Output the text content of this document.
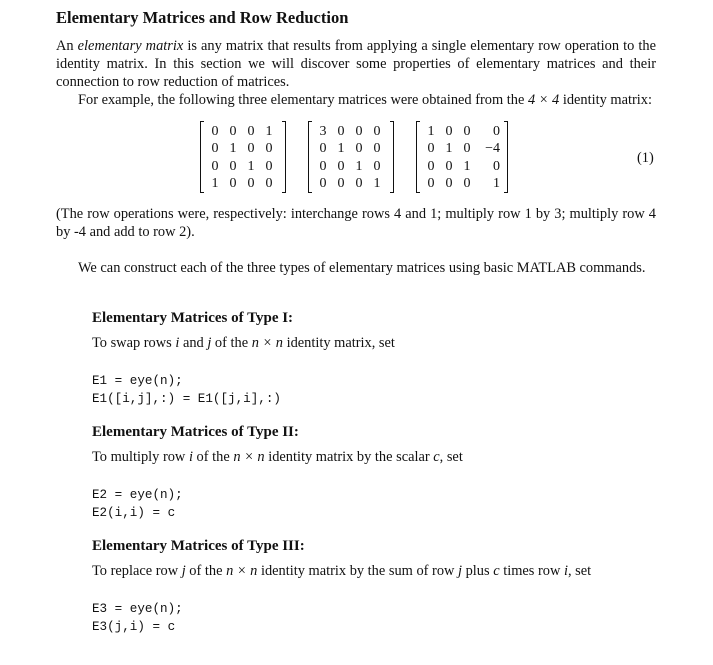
Elementary Matrices and Row Reduction

An elementary matrix is any matrix that results from applying a single elementary row operation to the identity matrix. In this section we will discover some properties of elementary matrices and their connection to row reduction of matrices.

For example, the following three elementary matrices were obtained from the 4 × 4 identity matrix:

0	0	0	1
0	1	0	0
0	0	1	0
1	0	0	0
3	0	0	0
0	1	0	0
0	0	1	0
0	0	0	1
1	0	0	0
0	1	0	−4
0	0	1	0
0	0	0	1
(1)

(The row operations were, respectively: interchange rows 4 and 1; multiply row 1 by 3; multiply row 4 by -4 and add to row 2).

We can construct each of the three types of elementary matrices using basic MATLAB commands.

Elementary Matrices of Type I:

To swap rows i and j of the n × n identity matrix, set

E1 = eye(n);
E1([i,j],:) = E1([j,i],:)
Elementary Matrices of Type II:

To multiply row i of the n × n identity matrix by the scalar c, set

E2 = eye(n);
E2(i,i) = c
Elementary Matrices of Type III:

To replace row j of the n × n identity matrix by the sum of row j plus c times row i, set

E3 = eye(n);
E3(j,i) = c
